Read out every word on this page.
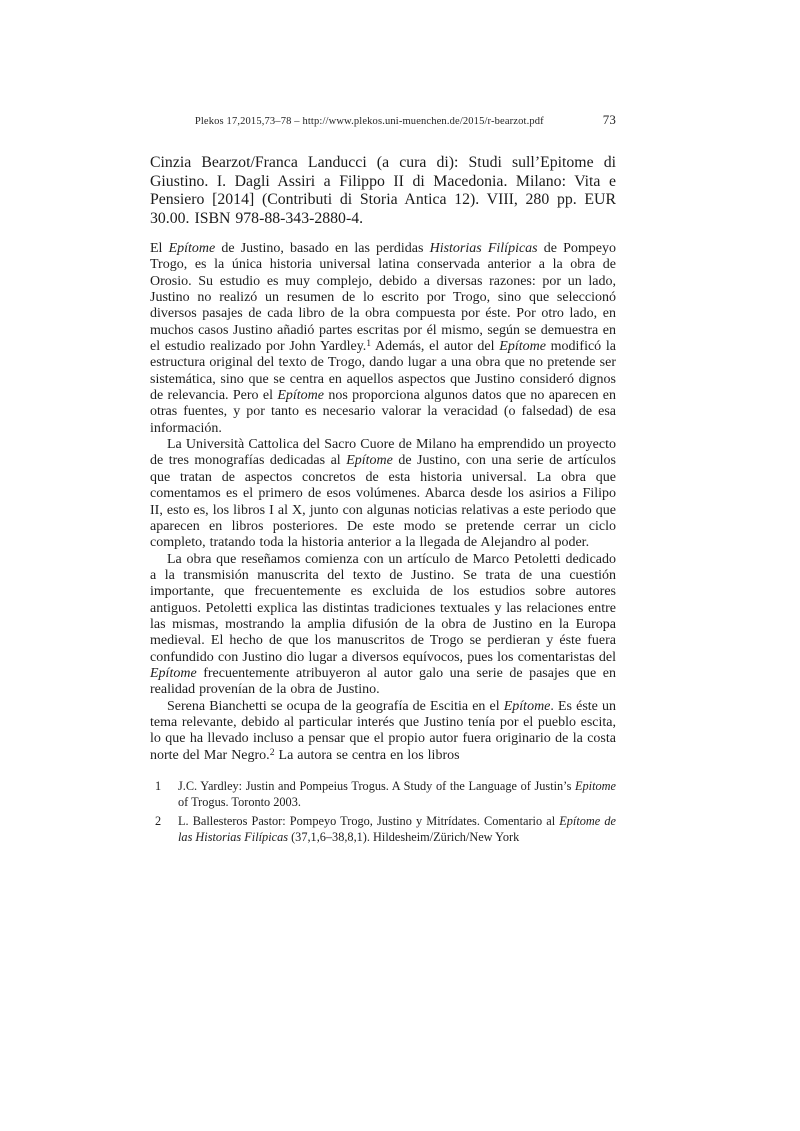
Plekos 17,2015,73–78 – http://www.plekos.uni-muenchen.de/2015/r-bearzot.pdf	73
Cinzia Bearzot/Franca Landucci (a cura di): Studi sull’Epitome di Giustino. I. Dagli Assiri a Filippo II di Macedonia. Milano: Vita e Pensiero [2014] (Contributi di Storia Antica 12). VIII, 280 pp. EUR 30.00. ISBN 978-88-343-2880-4.

El Epítome de Justino, basado en las perdidas Historias Filípicas de Pompeyo Trogo, es la única historia universal latina conservada anterior a la obra de Orosio. Su estudio es muy complejo, debido a diversas razones: por un lado, Justino no realizó un resumen de lo escrito por Trogo, sino que seleccionó diversos pasajes de cada libro de la obra compuesta por éste. Por otro lado, en muchos casos Justino añadió partes escritas por él mismo, según se demuestra en el estudio realizado por John Yardley.$^1$ Además, el autor del Epítome modificó la estructura original del texto de Trogo, dando lugar a una obra que no pretende ser sistemática, sino que se centra en aquellos aspectos que Justino consideró dignos de relevancia. Pero el Epítome nos proporciona algunos datos que no aparecen en otras fuentes, y por tanto es necesario valorar la veracidad (o falsedad) de esa información.

La Università Cattolica del Sacro Cuore de Milano ha emprendido un proyecto de tres monografías dedicadas al Epítome de Justino, con una serie de artículos que tratan de aspectos concretos de esta historia universal. La obra que comentamos es el primero de esos volúmenes. Abarca desde los asirios a Filipo II, esto es, los libros I al X, junto con algunas noticias relativas a este periodo que aparecen en libros posteriores. De este modo se pretende cerrar un ciclo completo, tratando toda la historia anterior a la llegada de Alejandro al poder.

La obra que reseñamos comienza con un artículo de Marco Petoletti dedicado a la transmisión manuscrita del texto de Justino. Se trata de una cuestión importante, que frecuentemente es excluida de los estudios sobre autores antiguos. Petoletti explica las distintas tradiciones textuales y las relaciones entre las mismas, mostrando la amplia difusión de la obra de Justino en la Europa medieval. El hecho de que los manuscritos de Trogo se perdieran y éste fuera confundido con Justino dio lugar a diversos equívocos, pues los comentaristas del Epítome frecuentemente atribuyeron al autor galo una serie de pasajes que en realidad provenían de la obra de Justino.

Serena Bianchetti se ocupa de la geografía de Escitia en el Epítome. Es éste un tema relevante, debido al particular interés que Justino tenía por el pueblo escita, lo que ha llevado incluso a pensar que el propio autor fuera originario de la costa norte del Mar Negro.$^2$ La autora se centra en los libros

1	J.C. Yardley: Justin and Pompeius Trogus. A Study of the Language of Justin’s Epitome of Trogus. Toronto 2003.
2	L. Ballesteros Pastor: Pompeyo Trogo, Justino y Mitrídates. Comentario al Epítome de las Historias Filípicas (37,1,6–38,8,1). Hildesheim/Zürich/New York
